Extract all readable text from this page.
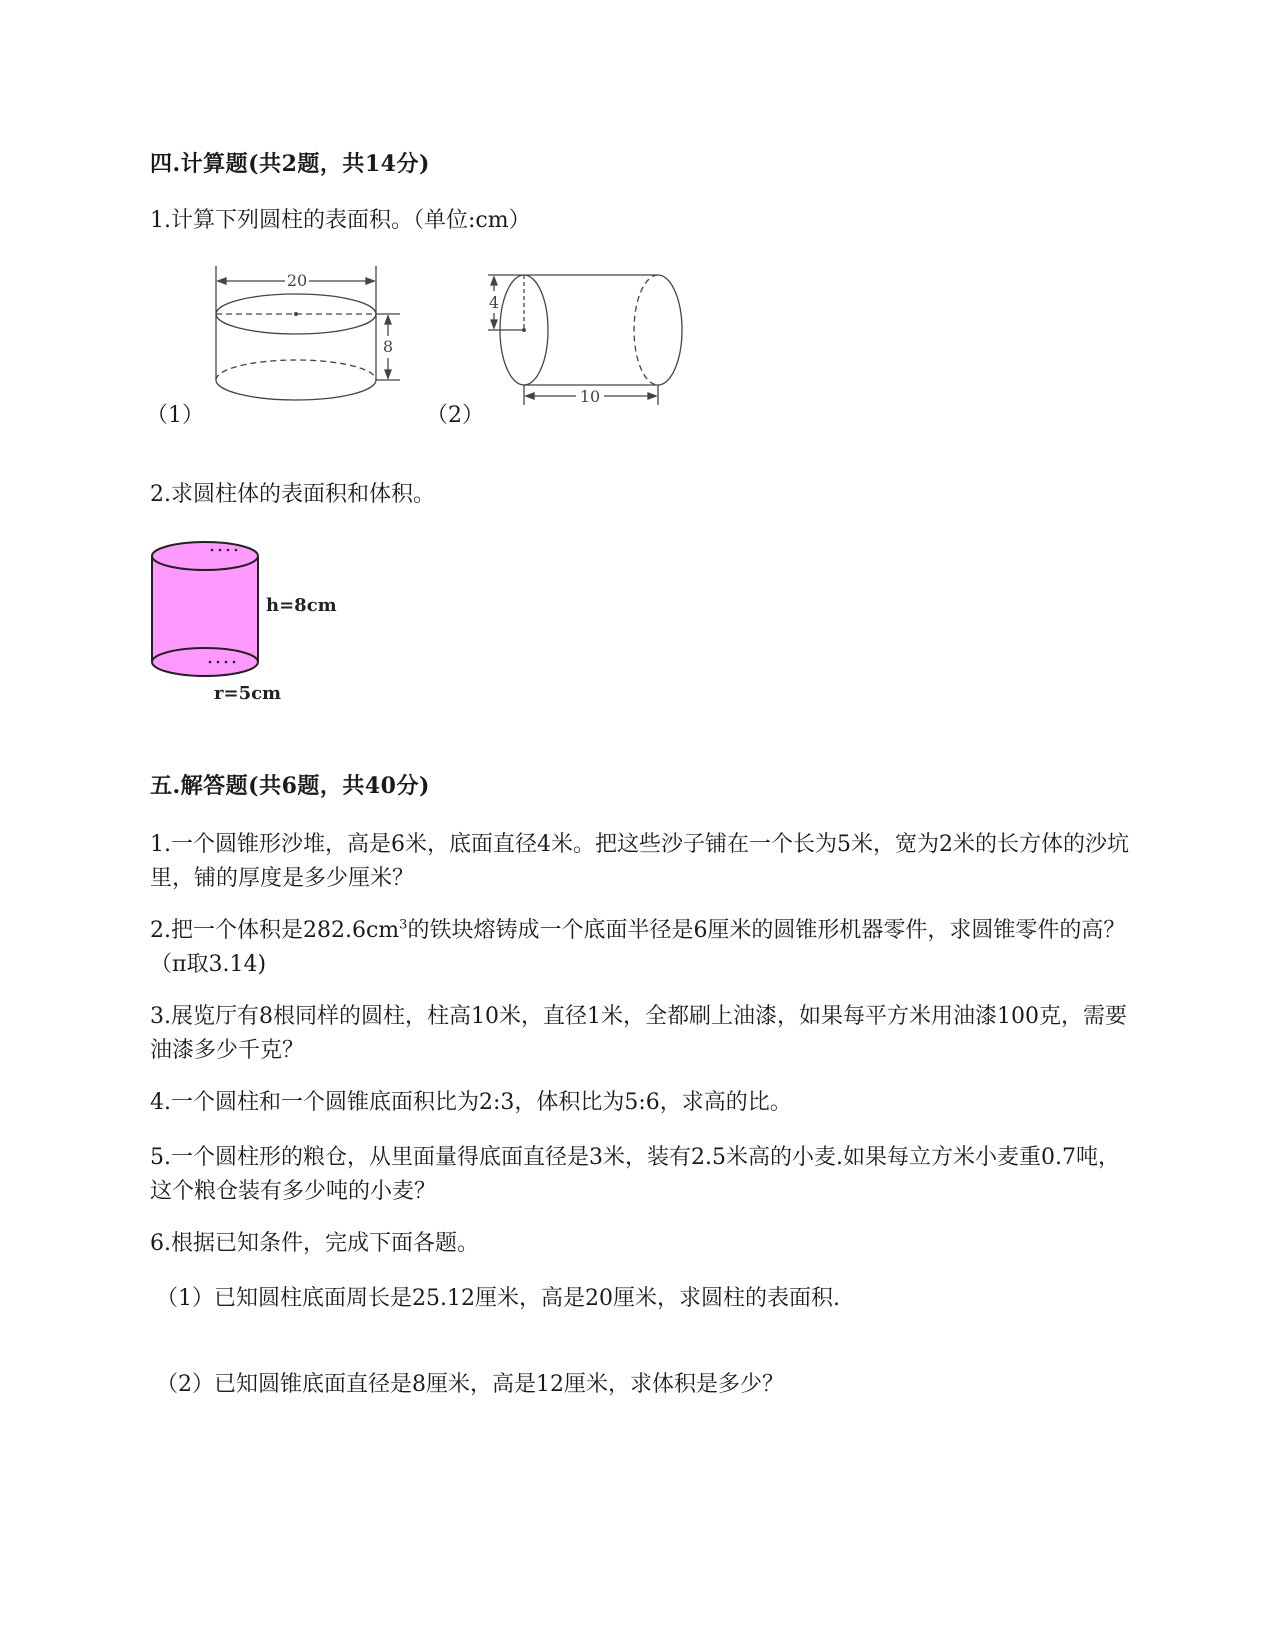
四.计算题(共2题，共14分)
1.计算下列圆柱的表面积。（单位:cm）
20
8
（1）
4
10
（2）
2.求圆柱体的表面积和体积。
h=8cm
r=5cm
五.解答题(共6题，共40分)
1.一个圆锥形沙堆，高是6米，底面直径4米。把这些沙子铺在一个长为5米，宽为2米的长方体的沙坑里，铺的厚度是多少厘米？
2.把一个体积是$282.6cm^3$的铁块熔铸成一个底面半径是6厘米的圆锥形机器零件，求圆锥零件的高？（π取3.14)
3.展览厅有8根同样的圆柱，柱高10米，直径1米，全都刷上油漆，如果每平方米用油漆100克，需要油漆多少千克？
4.一个圆柱和一个圆锥底面积比为2:3，体积比为5:6，求高的比。
5.一个圆柱形的粮仓，从里面量得底面直径是3米，装有2.5米高的小麦.如果每立方米小麦重0.7吨，这个粮仓装有多少吨的小麦？
6.根据已知条件，完成下面各题。
（1）已知圆柱底面周长是25.12厘米，高是20厘米，求圆柱的表面积.
（2）已知圆锥底面直径是8厘米，高是12厘米，求体积是多少？
